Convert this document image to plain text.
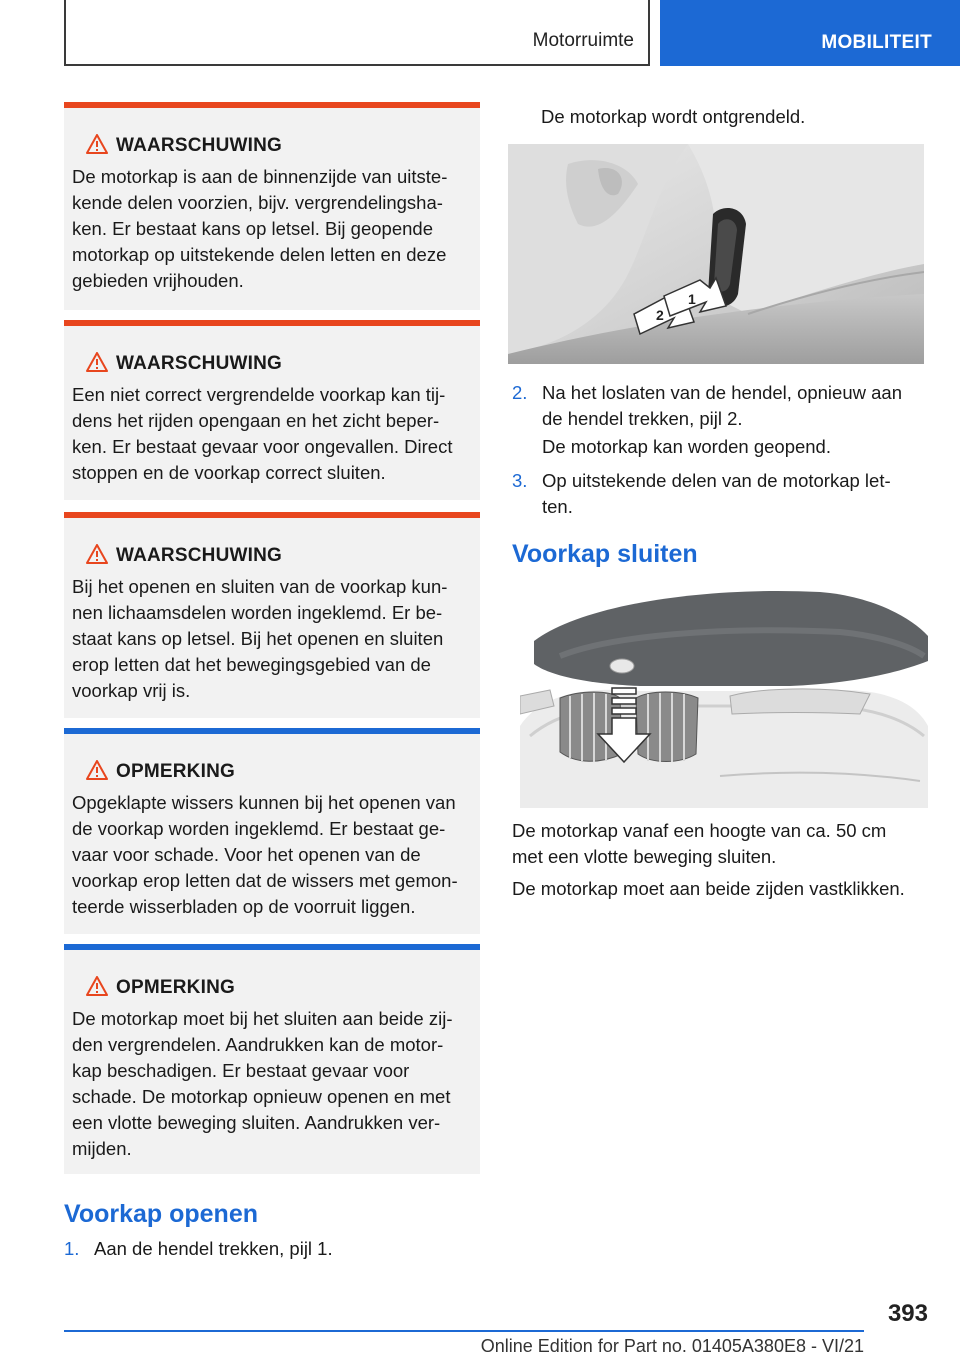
Motorruimte	MOBILITEIT
WAARSCHUWING
De motorkap is aan de binnenzijde van uitste-
kende delen voorzien, bijv. vergrendelingsha-
ken. Er bestaat kans op letsel. Bij geopende
motorkap op uitstekende delen letten en deze
gebieden vrijhouden.
WAARSCHUWING
Een niet correct vergrendelde voorkap kan tij-
dens het rijden opengaan en het zicht beper-
ken. Er bestaat gevaar voor ongevallen. Direct
stoppen en de voorkap correct sluiten.
WAARSCHUWING
Bij het openen en sluiten van de voorkap kun-
nen lichaamsdelen worden ingeklemd. Er be-
staat kans op letsel. Bij het openen en sluiten
erop letten dat het bewegingsgebied van de
voorkap vrij is.
OPMERKING
Opgeklapte wissers kunnen bij het openen van
de voorkap worden ingeklemd. Er bestaat ge-
vaar voor schade. Voor het openen van de
voorkap erop letten dat de wissers met gemon-
teerde wisserbladen op de voorruit liggen.
OPMERKING
De motorkap moet bij het sluiten aan beide zij-
den vergrendelen. Aandrukken kan de motor-
kap beschadigen. Er bestaat gevaar voor
schade. De motorkap opnieuw openen en met
een vlotte beweging sluiten. Aandrukken ver-
mijden.
Voorkap openen
1. Aan de hendel trekken, pijl 1.
De motorkap wordt ontgrendeld.
2
1
2. Na het loslaten van de hendel, opnieuw aan
de hendel trekken, pijl 2.
De motorkap kan worden geopend.
3. Op uitstekende delen van de motorkap let-
ten.
Voorkap sluiten
De motorkap vanaf een hoogte van ca. 50 cm
met een vlotte beweging sluiten.
De motorkap moet aan beide zijden vastklikken.
393
Online Edition for Part no. 01405A380E8 - VI/21
